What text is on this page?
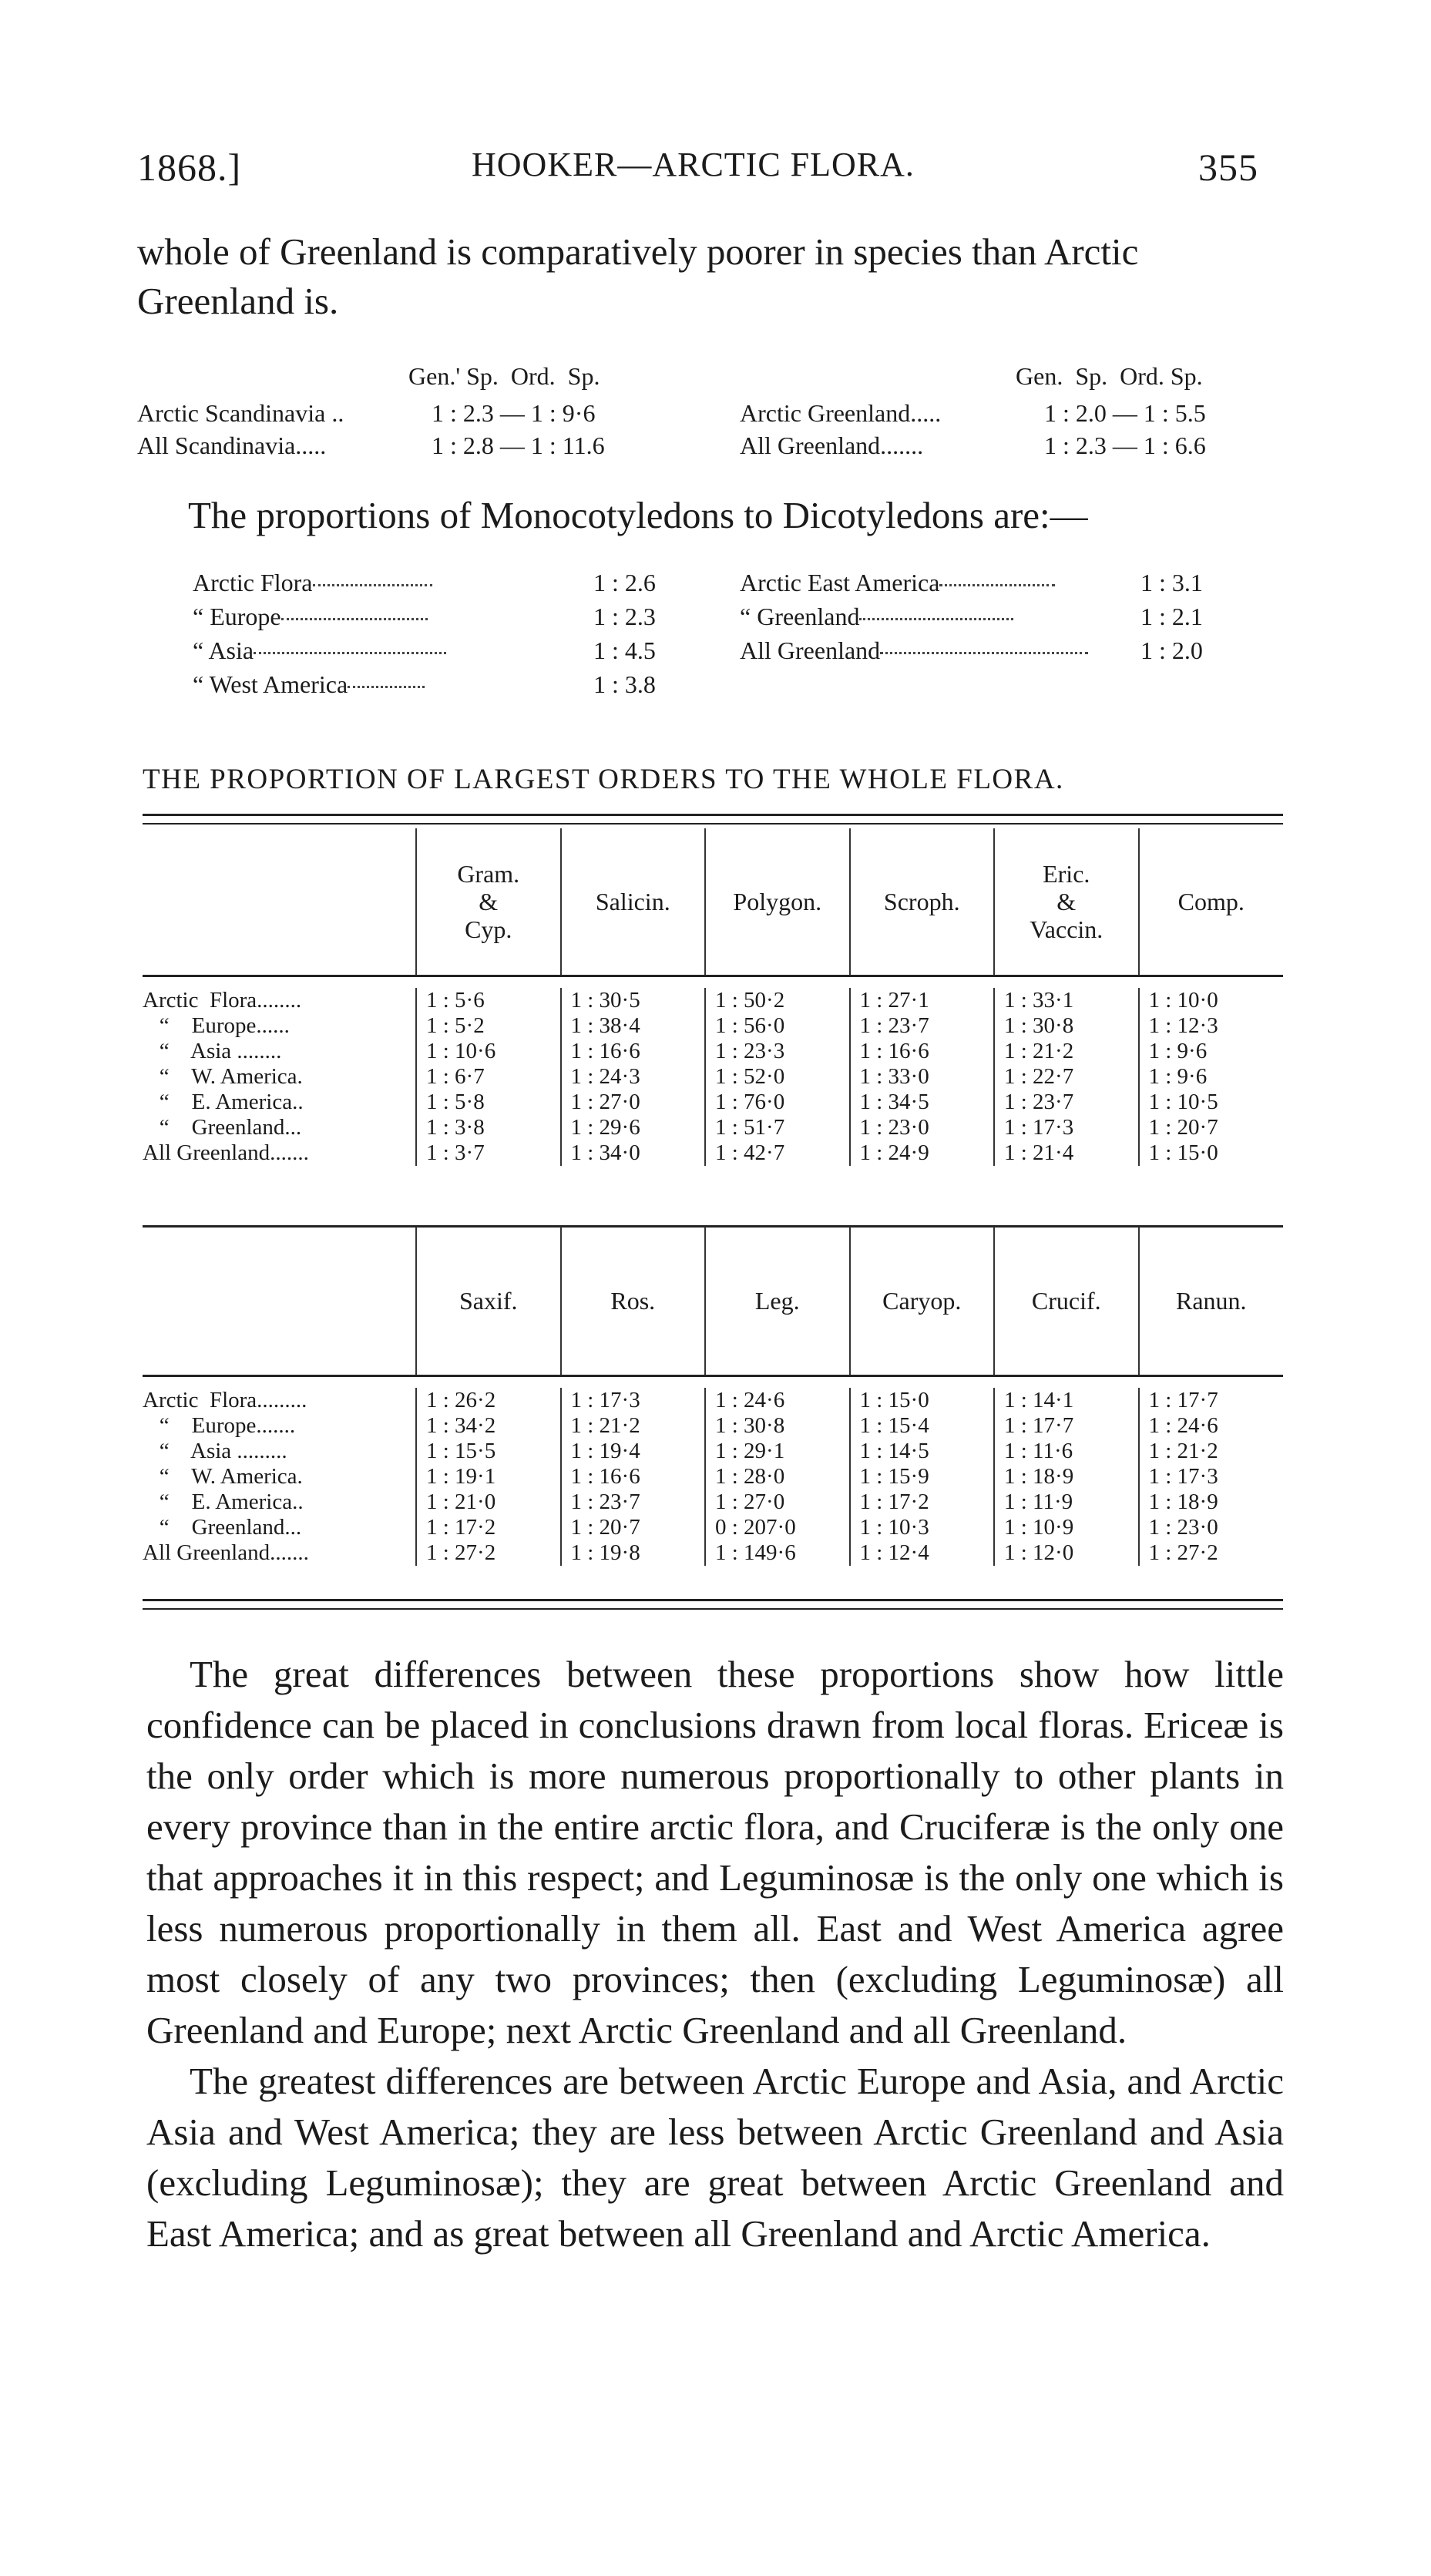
1868.]	HOOKER—ARCTIC FLORA.	355
whole of Greenland is comparatively poorer in species than Arctic
Greenland is.
Gen.' Sp.  Ord.  Sp.	Gen.  Sp.  Ord. Sp.
Arctic Scandinavia ..	1 : 2.3 — 1 : 9·6
All Scandinavia.....	1 : 2.8 — 1 : 11.6
Arctic Greenland.....	1 : 2.0 — 1 : 5.5
All Greenland.......	1 : 2.3 — 1 : 6.6
The proportions of Monocotyledons to Dicotyledons are:—
Arctic Flora	1 : 2.6
“ Europe	1 : 2.3
“ Asia	1 : 4.5
“ West America	1 : 3.8
Arctic East America	1 : 3.1
“ Greenland	1 : 2.1
All Greenland	1 : 2.0
THE PROPORTION OF LARGEST ORDERS TO THE WHOLE FLORA.
	Gram.
&
Cyp.	Salicin.	Polygon.	Scroph.	Eric.
&
Vaccin.	Comp.

Arctic  Flora........	1 : 5·6	1 : 30·5	1 : 50·2	1 : 27·1	1 : 33·1	1 : 10·0
“    Europe......	1 : 5·2	1 : 38·4	1 : 56·0	1 : 23·7	1 : 30·8	1 : 12·3
“    Asia ........	1 : 10·6	1 : 16·6	1 : 23·3	1 : 16·6	1 : 21·2	1 : 9·6
“    W. America.	1 : 6·7	1 : 24·3	1 : 52·0	1 : 33·0	1 : 22·7	1 : 9·6
“    E. America..	1 : 5·8	1 : 27·0	1 : 76·0	1 : 34·5	1 : 23·7	1 : 10·5
“    Greenland...	1 : 3·8	1 : 29·6	1 : 51·7	1 : 23·0	1 : 17·3	1 : 20·7
All Greenland.......	1 : 3·7	1 : 34·0	1 : 42·7	1 : 24·9	1 : 21·4	1 : 15·0
	Saxif.	Ros.	Leg.	Caryop.	Crucif.	Ranun.

Arctic  Flora.........	1 : 26·2	1 : 17·3	1 : 24·6	1 : 15·0	1 : 14·1	1 : 17·7
“    Europe.......	1 : 34·2	1 : 21·2	1 : 30·8	1 : 15·4	1 : 17·7	1 : 24·6
“    Asia .........	1 : 15·5	1 : 19·4	1 : 29·1	1 : 14·5	1 : 11·6	1 : 21·2
“    W. America.	1 : 19·1	1 : 16·6	1 : 28·0	1 : 15·9	1 : 18·9	1 : 17·3
“    E. America..	1 : 21·0	1 : 23·7	1 : 27·0	1 : 17·2	1 : 11·9	1 : 18·9
“    Greenland...	1 : 17·2	1 : 20·7	0 : 207·0	1 : 10·3	1 : 10·9	1 : 23·0
All Greenland.......	1 : 27·2	1 : 19·8	1 : 149·6	1 : 12·4	1 : 12·0	1 : 27·2

The great differences between these proportions show how little confidence can be placed in conclusions drawn from local floras. Ericeæ is the only order which is more numerous proportionally to other plants in every province than in the entire arctic flora, and Cruciferæ is the only one that approaches it in this respect; and Leguminosæ is the only one which is less numerous proportionally in them all. East and West America agree most closely of any two provinces; then (excluding Leguminosæ) all Greenland and Europe; next Arctic Greenland and all Greenland.

The greatest differences are between Arctic Europe and Asia, and Arctic Asia and West America; they are less between Arctic Greenland and Asia (excluding Leguminosæ); they are great between Arctic Greenland and East America; and as great between all Greenland and Arctic America.
